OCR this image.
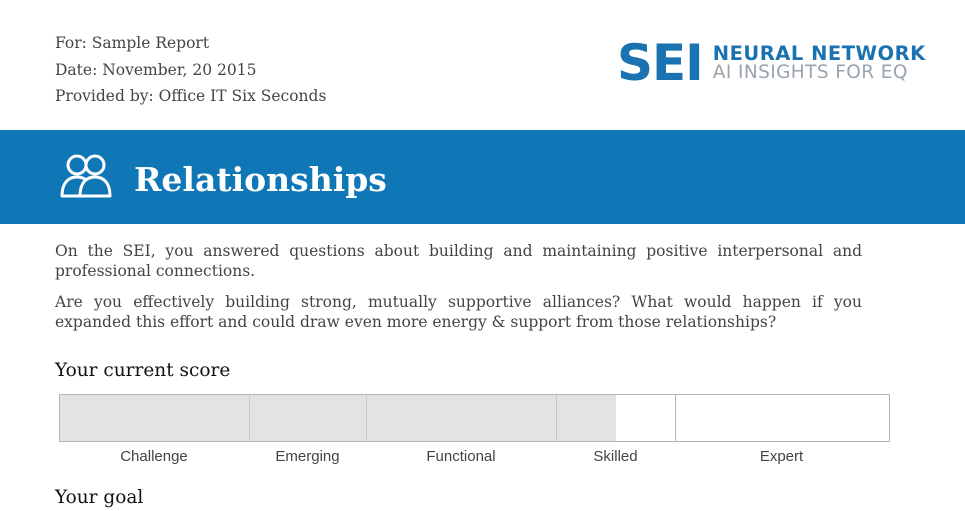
For: Sample Report
Date: November, 20 2015
Provided by: Office IT Six Seconds
SEI NEURAL NETWORK
AI INSIGHTS FOR EQ
Relationships

On the SEI, you answered questions about building and maintaining positive interpersonal and professional connections.

Are you effectively building strong, mutually supportive alliances? What would happen if you expanded this effort and could draw even more energy & support from those relationships?

Your current score
Challenge	Emerging	Functional	Skilled	Expert
Your goal
